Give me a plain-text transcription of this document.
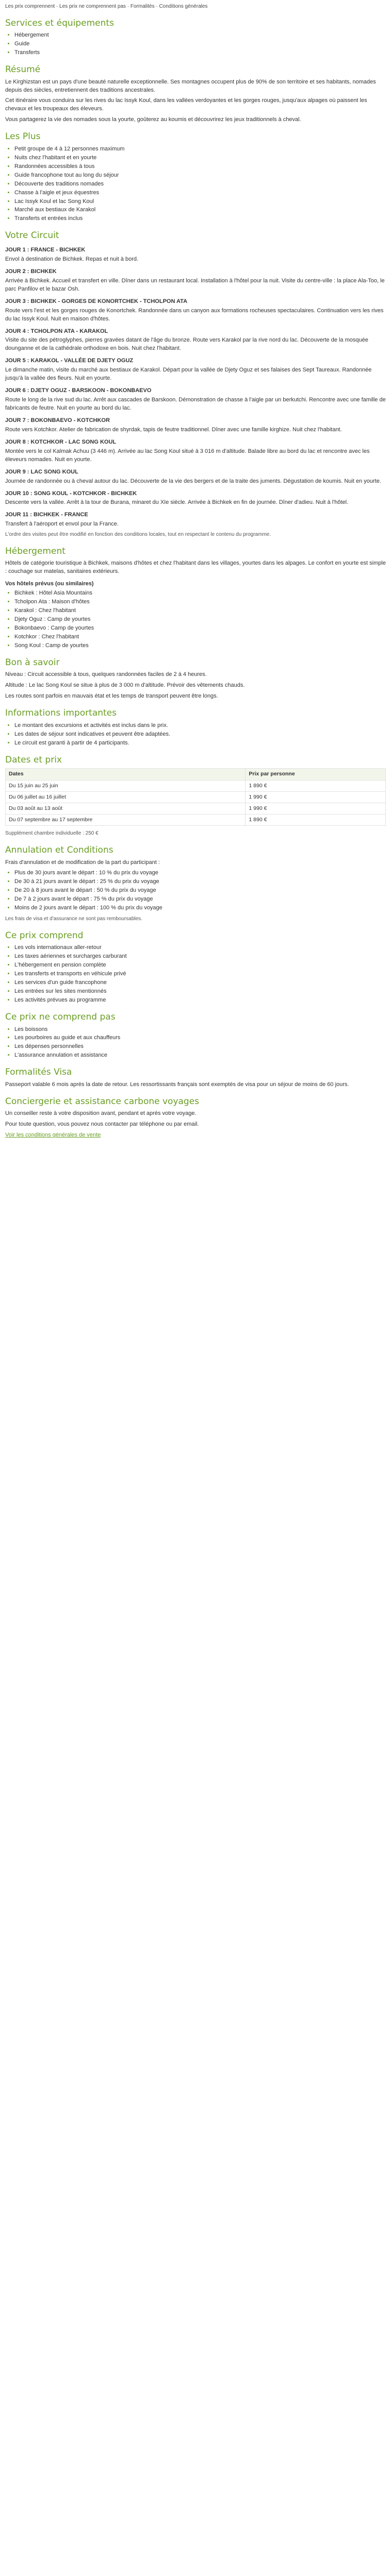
Les prix comprennent · Les prix ne comprennent pas · Formalités · Conditions générales
Services et équipements
• Hébergement
• Guide
• Transferts
Résumé

Le Kirghizstan est un pays d'une beauté naturelle exceptionnelle. Ses montagnes occupent plus de 90% de son territoire et ses habitants, nomades depuis des siècles, entretiennent des traditions ancestrales.

Cet itinéraire vous conduira sur les rives du lac Issyk Koul, dans les vallées verdoyantes et les gorges rouges, jusqu'aux alpages où paissent les chevaux et les troupeaux des éleveurs.

Vous partagerez la vie des nomades sous la yourte, goûterez au koumis et découvrirez les jeux traditionnels à cheval.

Les Plus
• Petit groupe de 4 à 12 personnes maximum
• Nuits chez l'habitant et en yourte
• Randonnées accessibles à tous
• Guide francophone tout au long du séjour
• Découverte des traditions nomades
• Chasse à l'aigle et jeux équestres
• Lac Issyk Koul et lac Song Koul
• Marché aux bestiaux de Karakol
• Transferts et entrées inclus
Votre Circuit
JOUR 1 : FRANCE - BICHKEK

Envol à destination de Bichkek. Repas et nuit à bord.

JOUR 2 : BICHKEK

Arrivée à Bichkek. Accueil et transfert en ville. Dîner dans un restaurant local. Installation à l'hôtel pour la nuit. Visite du centre-ville : la place Ala-Too, le parc Panfilov et le bazar Osh.

JOUR 3 : BICHKEK - GORGES DE KONORTCHEK - TCHOLPON ATA

Route vers l'est et les gorges rouges de Konortchek. Randonnée dans un canyon aux formations rocheuses spectaculaires. Continuation vers les rives du lac Issyk Koul. Nuit en maison d'hôtes.

JOUR 4 : TCHOLPON ATA - KARAKOL

Visite du site des pétroglyphes, pierres gravées datant de l'âge du bronze. Route vers Karakol par la rive nord du lac. Découverte de la mosquée dounganne et de la cathédrale orthodoxe en bois. Nuit chez l'habitant.

JOUR 5 : KARAKOL - VALLÉE DE DJETY OGUZ

Le dimanche matin, visite du marché aux bestiaux de Karakol. Départ pour la vallée de Djety Oguz et ses falaises des Sept Taureaux. Randonnée jusqu'à la vallée des fleurs. Nuit en yourte.

JOUR 6 : DJETY OGUZ - BARSKOON - BOKONBAEVO

Route le long de la rive sud du lac. Arrêt aux cascades de Barskoon. Démonstration de chasse à l'aigle par un berkutchi. Rencontre avec une famille de fabricants de feutre. Nuit en yourte au bord du lac.

JOUR 7 : BOKONBAEVO - KOTCHKOR

Route vers Kotchkor. Atelier de fabrication de shyrdak, tapis de feutre traditionnel. Dîner avec une famille kirghize. Nuit chez l'habitant.

JOUR 8 : KOTCHKOR - LAC SONG KOUL

Montée vers le col Kalmak Achuu (3 446 m). Arrivée au lac Song Koul situé à 3 016 m d'altitude. Balade libre au bord du lac et rencontre avec les éleveurs nomades. Nuit en yourte.

JOUR 9 : LAC SONG KOUL

Journée de randonnée ou à cheval autour du lac. Découverte de la vie des bergers et de la traite des juments. Dégustation de koumis. Nuit en yourte.

JOUR 10 : SONG KOUL - KOTCHKOR - BICHKEK

Descente vers la vallée. Arrêt à la tour de Burana, minaret du XIe siècle. Arrivée à Bichkek en fin de journée. Dîner d'adieu. Nuit à l'hôtel.

JOUR 11 : BICHKEK - FRANCE

Transfert à l'aéroport et envol pour la France.

L'ordre des visites peut être modifié en fonction des conditions locales, tout en respectant le contenu du programme.

Hébergement

Hôtels de catégorie touristique à Bichkek, maisons d'hôtes et chez l'habitant dans les villages, yourtes dans les alpages. Le confort en yourte est simple : couchage sur matelas, sanitaires extérieurs.

Vos hôtels prévus (ou similaires)
• Bichkek : Hôtel Asia Mountains
• Tcholpon Ata : Maison d'hôtes
• Karakol : Chez l'habitant
• Djety Oguz : Camp de yourtes
• Bokonbaevo : Camp de yourtes
• Kotchkor : Chez l'habitant
• Song Koul : Camp de yourtes
Bon à savoir

Niveau : Circuit accessible à tous, quelques randonnées faciles de 2 à 4 heures.

Altitude : Le lac Song Koul se situe à plus de 3 000 m d'altitude. Prévoir des vêtements chauds.

Les routes sont parfois en mauvais état et les temps de transport peuvent être longs.

Informations importantes
• Le montant des excursions et activités est inclus dans le prix.
• Les dates de séjour sont indicatives et peuvent être adaptées.
• Le circuit est garanti à partir de 4 participants.
Dates et prix
Dates	Prix par personne
Du 15 juin au 25 juin	1 890 €
Du 06 juillet au 16 juillet	1 990 €
Du 03 août au 13 août	1 990 €
Du 07 septembre au 17 septembre	1 890 €

Supplément chambre individuelle : 250 €

Annulation et Conditions

Frais d'annulation et de modification de la part du participant :

• Plus de 30 jours avant le départ : 10 % du prix du voyage
• De 30 à 21 jours avant le départ : 25 % du prix du voyage
• De 20 à 8 jours avant le départ : 50 % du prix du voyage
• De 7 à 2 jours avant le départ : 75 % du prix du voyage
• Moins de 2 jours avant le départ : 100 % du prix du voyage

Les frais de visa et d'assurance ne sont pas remboursables.

Ce prix comprend
• Les vols internationaux aller-retour
• Les taxes aériennes et surcharges carburant
• L'hébergement en pension complète
• Les transferts et transports en véhicule privé
• Les services d'un guide francophone
• Les entrées sur les sites mentionnés
• Les activités prévues au programme
Ce prix ne comprend pas
• Les boissons
• Les pourboires au guide et aux chauffeurs
• Les dépenses personnelles
• L'assurance annulation et assistance
Formalités Visa

Passeport valable 6 mois après la date de retour. Les ressortissants français sont exemptés de visa pour un séjour de moins de 60 jours.

Conciergerie et assistance carbone voyages

Un conseiller reste à votre disposition avant, pendant et après votre voyage.

Pour toute question, vous pouvez nous contacter par téléphone ou par email.

Voir les conditions générales de vente
